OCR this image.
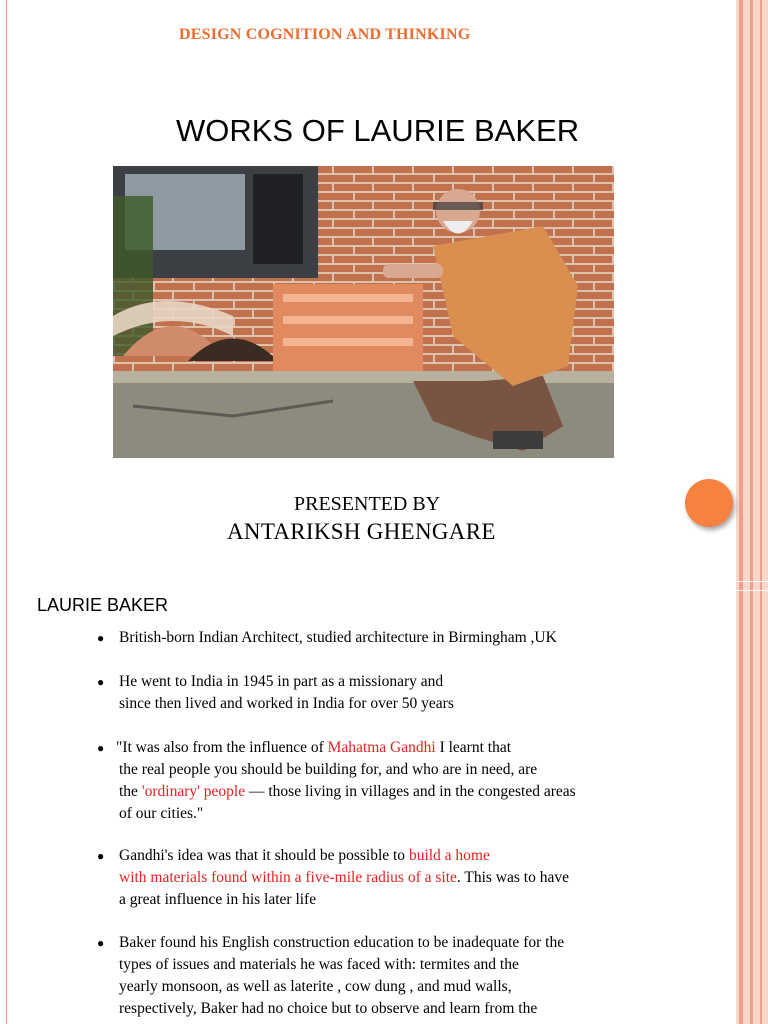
DESIGN COGNITION AND THINKING
WORKS OF LAURIE BAKER
PRESENTED BY
ANTARIKSH GHENGARE
LAURIE BAKER
● British-born Indian Architect, studied architecture in Birmingham ,UK
● He went to India in 1945 in part as a missionary and
since then lived and worked in India for over 50 years
● "It was also from the influence of Mahatma Gandhi I learnt that
the real people you should be building for, and who are in need, are
the 'ordinary' people — those living in villages and in the congested areas
of our cities."
● Gandhi's idea was that it should be possible to build a home
with materials found within a five-mile radius of a site. This was to have
a great influence in his later life
● Baker found his English construction education to be inadequate for the
types of issues and materials he was faced with: termites and the
yearly monsoon, as well as laterite , cow dung , and mud walls,
respectively, Baker had no choice but to observe and learn from the
